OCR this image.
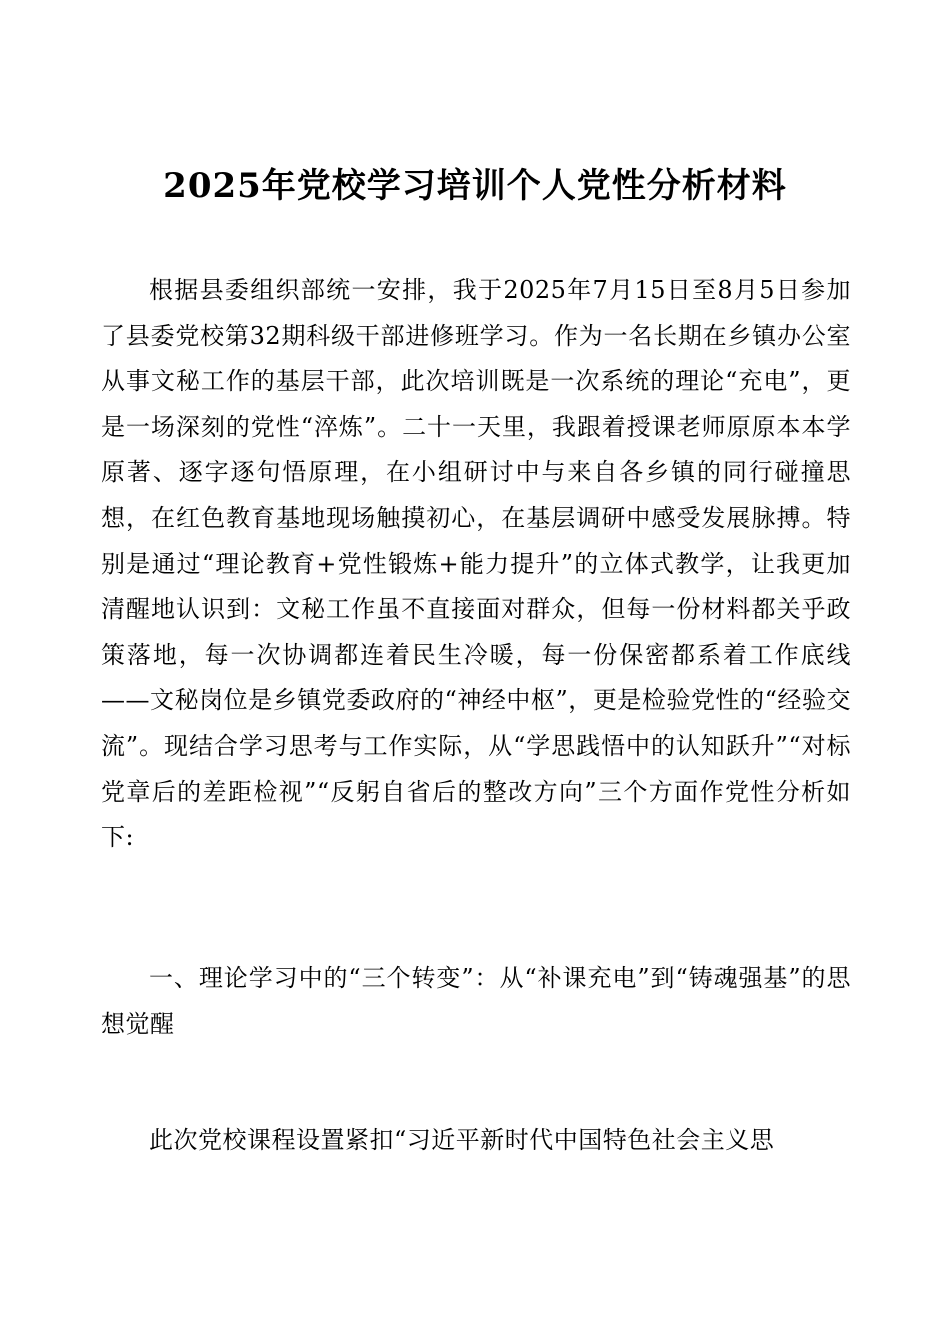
2025年党校学习培训个人党性分析材料

根据县委组织部统一安排，我于2025年7月15日至8月5日参加了县委党校第32期科级干部进修班学习。作为一名长期在乡镇办公室从事文秘工作的基层干部，此次培训既是一次系统的理论“充电”，更是一场深刻的党性“淬炼”。二十一天里，我跟着授课老师原原本本学原著、逐字逐句悟原理，在小组研讨中与来自各乡镇的同行碰撞思想，在红色教育基地现场触摸初心，在基层调研中感受发展脉搏。特别是通过“理论教育+党性锻炼+能力提升”的立体式教学，让我更加清醒地认识到：文秘工作虽不直接面对群众，但每一份材料都关乎政策落地，每一次协调都连着民生冷暖，每一份保密都系着工作底线——文秘岗位是乡镇党委政府的“神经中枢”，更是检验党性的“经验交流”。现结合学习思考与工作实际，从“学思践悟中的认知跃升”“对标党章后的差距检视”“反躬自省后的整改方向”三个方面作党性分析如下:

一、理论学习中的“三个转变”：从“补课充电”到“铸魂强基”的思想觉醒

此次党校课程设置紧扣“习近平新时代中国特色社会主义思
